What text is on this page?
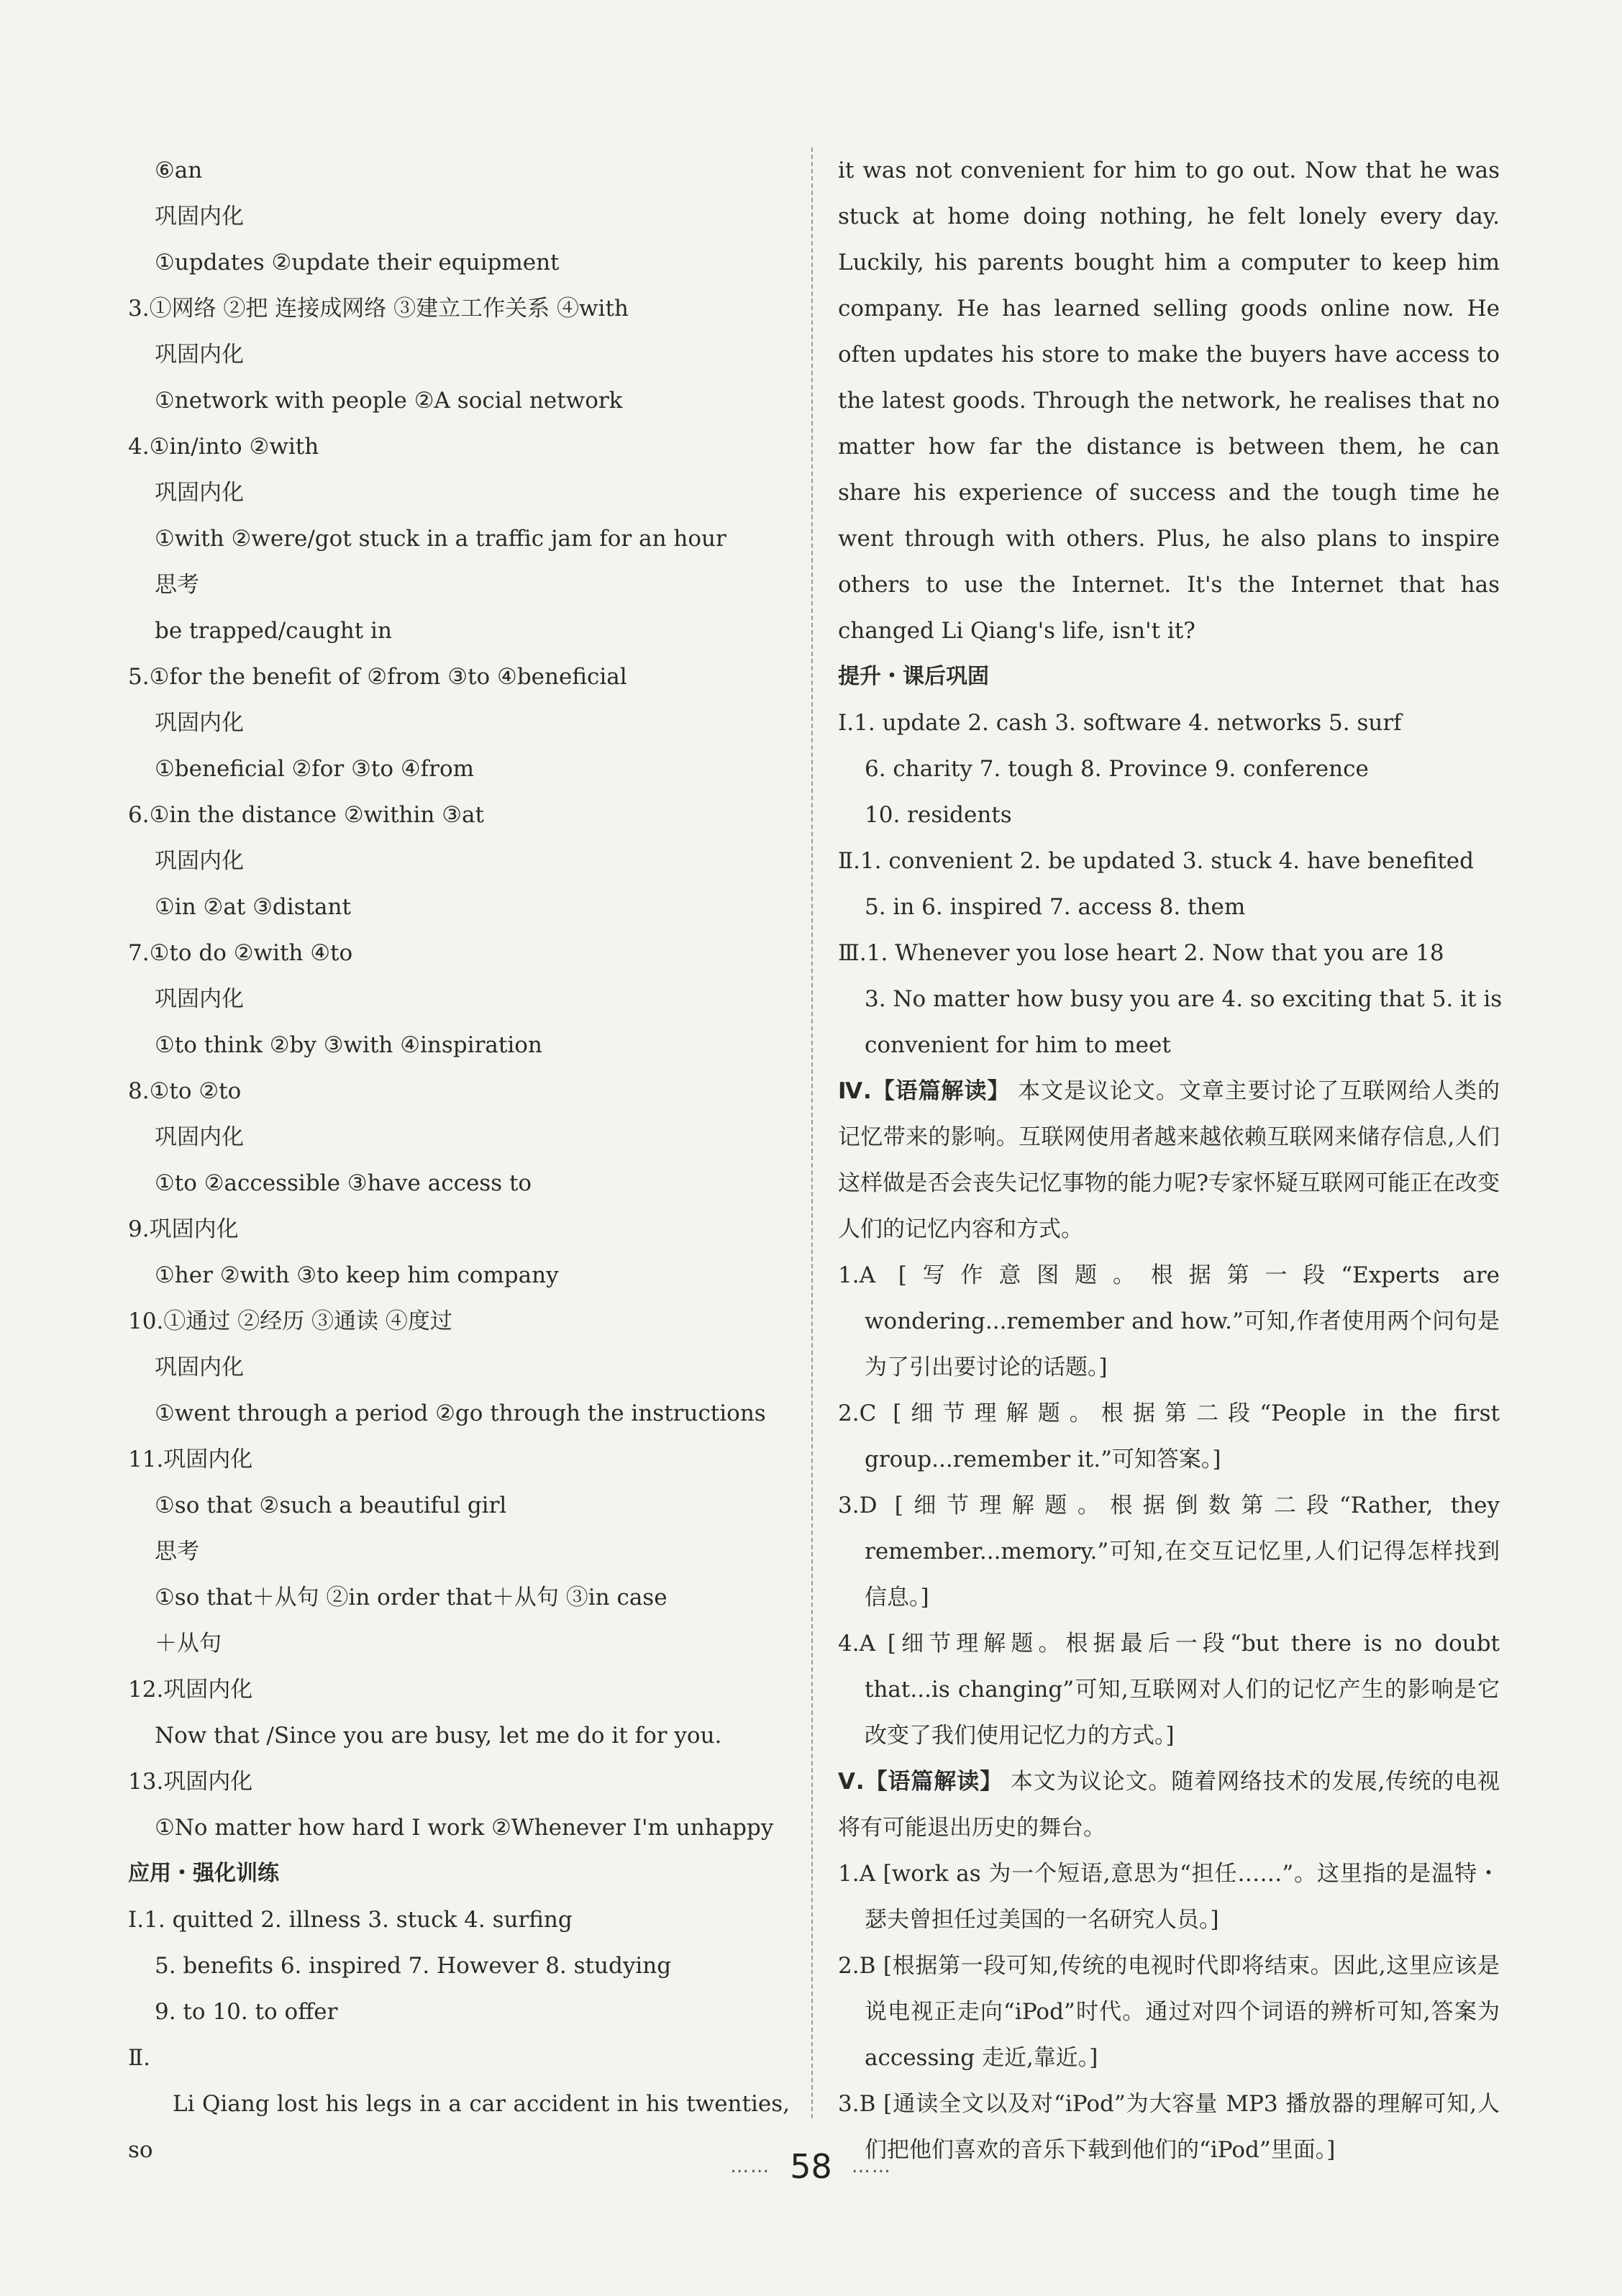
⑥an
巩固内化
①updates ②update their equipment
3.①网络 ②把 连接成网络 ③建立工作关系 ④with
巩固内化
①network with people ②A social network
4.①in/into ②with
巩固内化
①with ②were/got stuck in a traffic jam for an hour
思考
be trapped/caught in
5.①for the benefit of ②from ③to ④beneficial
巩固内化
①beneficial ②for ③to ④from
6.①in the distance ②within ③at
巩固内化
①in ②at ③distant
7.①to do ②with ④to
巩固内化
①to think ②by ③with ④inspiration
8.①to ②to
巩固内化
①to ②accessible ③have access to
9.巩固内化
①her ②with ③to keep him company
10.①通过 ②经历 ③通读 ④度过
巩固内化
①went through a period ②go through the instructions
11.巩固内化
①so that ②such a beautiful girl
思考
①so that＋从句 ②in order that＋从句 ③in case
＋从句
12.巩固内化
Now that /Since you are busy, let me do it for you.
13.巩固内化
①No matter how hard I work ②Whenever I'm unhappy
应用・强化训练
Ⅰ.1. quitted 2. illness 3. stuck 4. surfing
5. benefits 6. inspired 7. However 8. studying
9. to 10. to offer
Ⅱ.
Li Qiang lost his legs in a car accident in his twenties, so
it was not convenient for him to go out. Now that he was stuck at home doing nothing, he felt lonely every day. Luckily, his parents bought him a computer to keep him company. He has learned selling goods online now. He often updates his store to make the buyers have access to the latest goods. Through the network, he realises that no matter how far the distance is between them, he can share his experience of success and the tough time he went through with others. Plus, he also plans to inspire others to use the Internet. It's the Internet that has changed Li Qiang's life, isn't it?
提升・课后巩固
Ⅰ.1. update 2. cash 3. software 4. networks 5. surf
6. charity 7. tough 8. Province 9. conference
10. residents
Ⅱ.1. convenient 2. be updated 3. stuck 4. have benefited
5. in 6. inspired 7. access 8. them
Ⅲ.1. Whenever you lose heart 2. Now that you are 18
3. No matter how busy you are 4. so exciting that 5. it is
convenient for him to meet
Ⅳ.【语篇解读】 本文是议论文。文章主要讨论了互联网给人类的记忆带来的影响。互联网使用者越来越依赖互联网来储存信息,人们这样做是否会丧失记忆事物的能力呢?专家怀疑互联网可能正在改变人们的记忆内容和方式。
1.A [写作意图题。根据第一段“Experts are wondering...remember and how.”可知,作者使用两个问句是为了引出要讨论的话题。]
2.C [细节理解题。根据第二段“People in the first group...remember it.”可知答案。]
3.D [细节理解题。根据倒数第二段“Rather, they remember...memory.”可知,在交互记忆里,人们记得怎样找到信息。]
4.A [细节理解题。根据最后一段“but there is no doubt that...is changing”可知,互联网对人们的记忆产生的影响是它改变了我们使用记忆力的方式。]
Ⅴ.【语篇解读】 本文为议论文。随着网络技术的发展,传统的电视将有可能退出历史的舞台。
1.A [work as 为一个短语,意思为“担任……”。这里指的是温特・瑟夫曾担任过美国的一名研究人员。]
2.B [根据第一段可知,传统的电视时代即将结束。因此,这里应该是说电视正走向“iPod”时代。通过对四个词语的辨析可知,答案为 accessing 走近,靠近。]
3.B [通读全文以及对“iPod”为大容量 MP3 播放器的理解可知,人们把他们喜欢的音乐下载到他们的“iPod”里面。]
…… 58 ……
